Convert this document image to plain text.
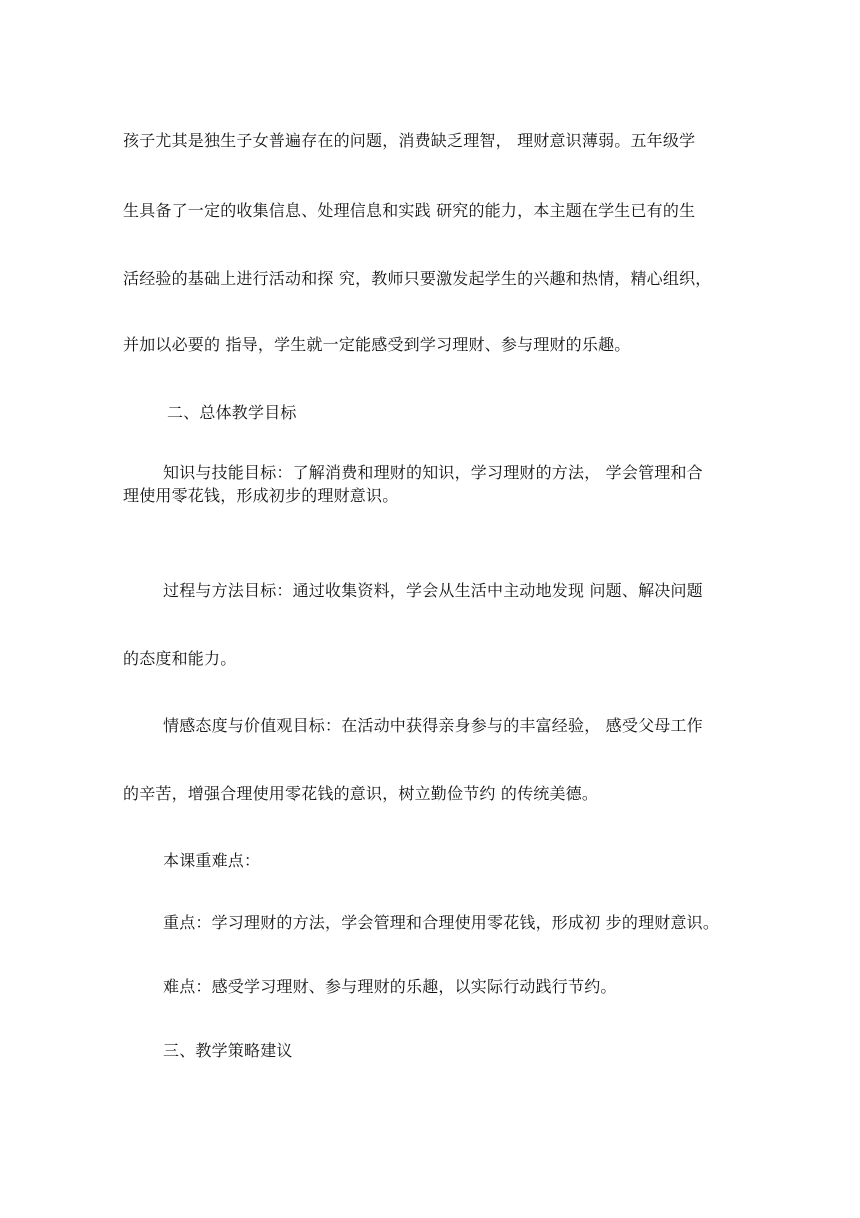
孩子尤其是独生子女普遍存在的问题，消费缺乏理智， 理财意识薄弱。五年级学
生具备了一定的收集信息、处理信息和实践 研究的能力，本主题在学生已有的生
活经验的基础上进行活动和探 究，教师只要激发起学生的兴趣和热情，精心组织，
并加以必要的 指导，学生就一定能感受到学习理财、参与理财的乐趣。
二、总体教学目标
知识与技能目标：了解消费和理财的知识，学习理财的方法， 学会管理和合
理使用零花钱，形成初步的理财意识。
过程与方法目标：通过收集资料，学会从生活中主动地发现 问题、解决问题
的态度和能力。
情感态度与价值观目标：在活动中获得亲身参与的丰富经验， 感受父母工作
的辛苦，增强合理使用零花钱的意识，树立勤俭节约 的传统美德。
本课重难点：
重点：学习理财的方法，学会管理和合理使用零花钱，形成初 步的理财意识。
难点：感受学习理财、参与理财的乐趣，以实际行动践行节约。
三、教学策略建议
